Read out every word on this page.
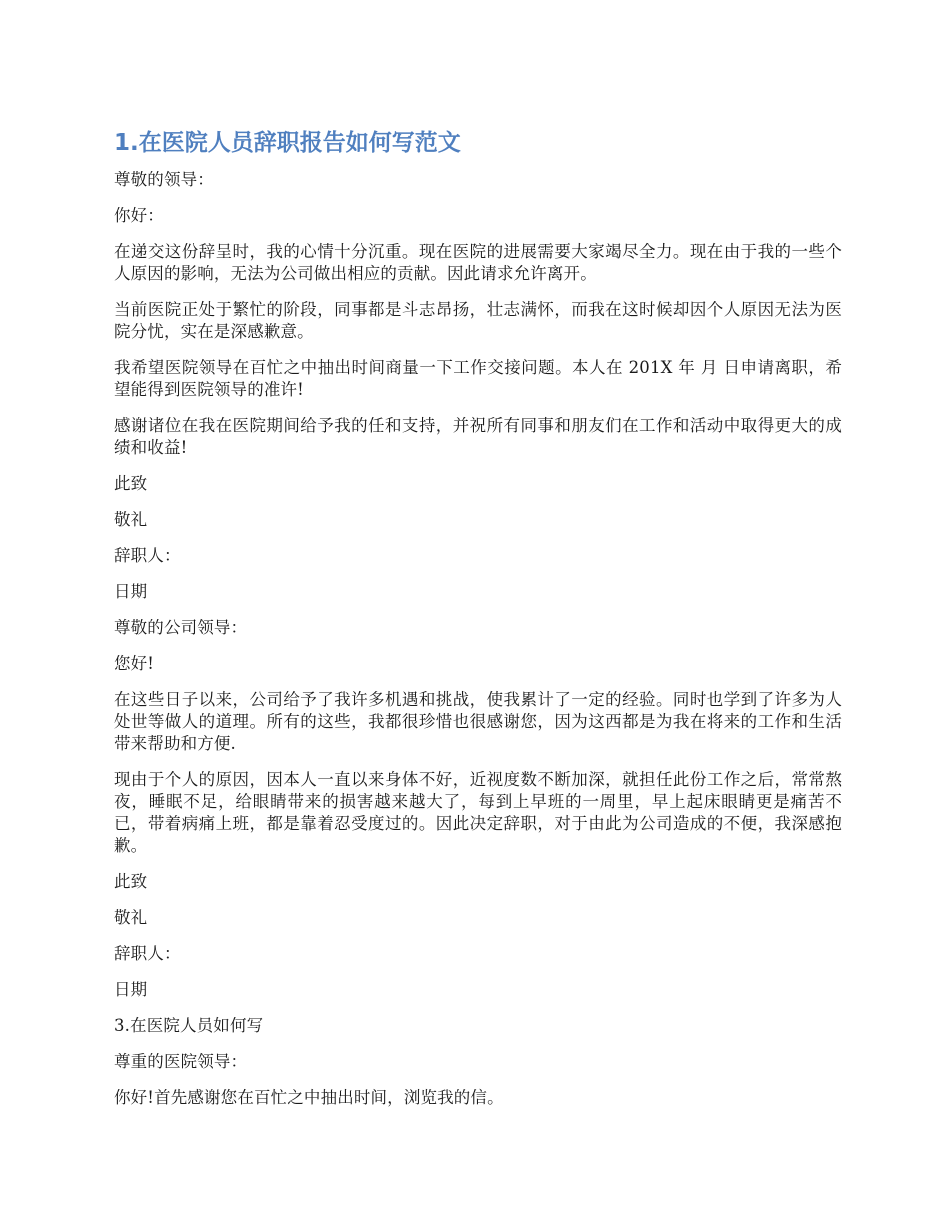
1.在医院人员辞职报告如何写范文

尊敬的领导：

你好：

在递交这份辞呈时，我的心情十分沉重。现在医院的进展需要大家竭尽全力。现在由于我的一些个人原因的影响，无法为公司做出相应的贡献。因此请求允许离开。

当前医院正处于繁忙的阶段，同事都是斗志昂扬，壮志满怀，而我在这时候却因个人原因无法为医院分忧，实在是深感歉意。

我希望医院领导在百忙之中抽出时间商量一下工作交接问题。本人在 201X 年 月 日申请离职，希望能得到医院领导的准许!

感谢诸位在我在医院期间给予我的任和支持，并祝所有同事和朋友们在工作和活动中取得更大的成绩和收益!

此致

敬礼

辞职人：

日期

尊敬的公司领导：

您好!

在这些日子以来，公司给予了我许多机遇和挑战，使我累计了一定的经验。同时也学到了许多为人处世等做人的道理。所有的这些，我都很珍惜也很感谢您，因为这西都是为我在将来的工作和生活带来帮助和方便.

现由于个人的原因，因本人一直以来身体不好，近视度数不断加深，就担任此份工作之后，常常熬夜，睡眠不足，给眼睛带来的损害越来越大了，每到上早班的一周里，早上起床眼睛更是痛苦不已，带着病痛上班，都是靠着忍受度过的。因此决定辞职，对于由此为公司造成的不便，我深感抱歉。

此致

敬礼

辞职人：

日期

3.在医院人员如何写

尊重的医院领导：

你好!首先感谢您在百忙之中抽出时间，浏览我的信。
